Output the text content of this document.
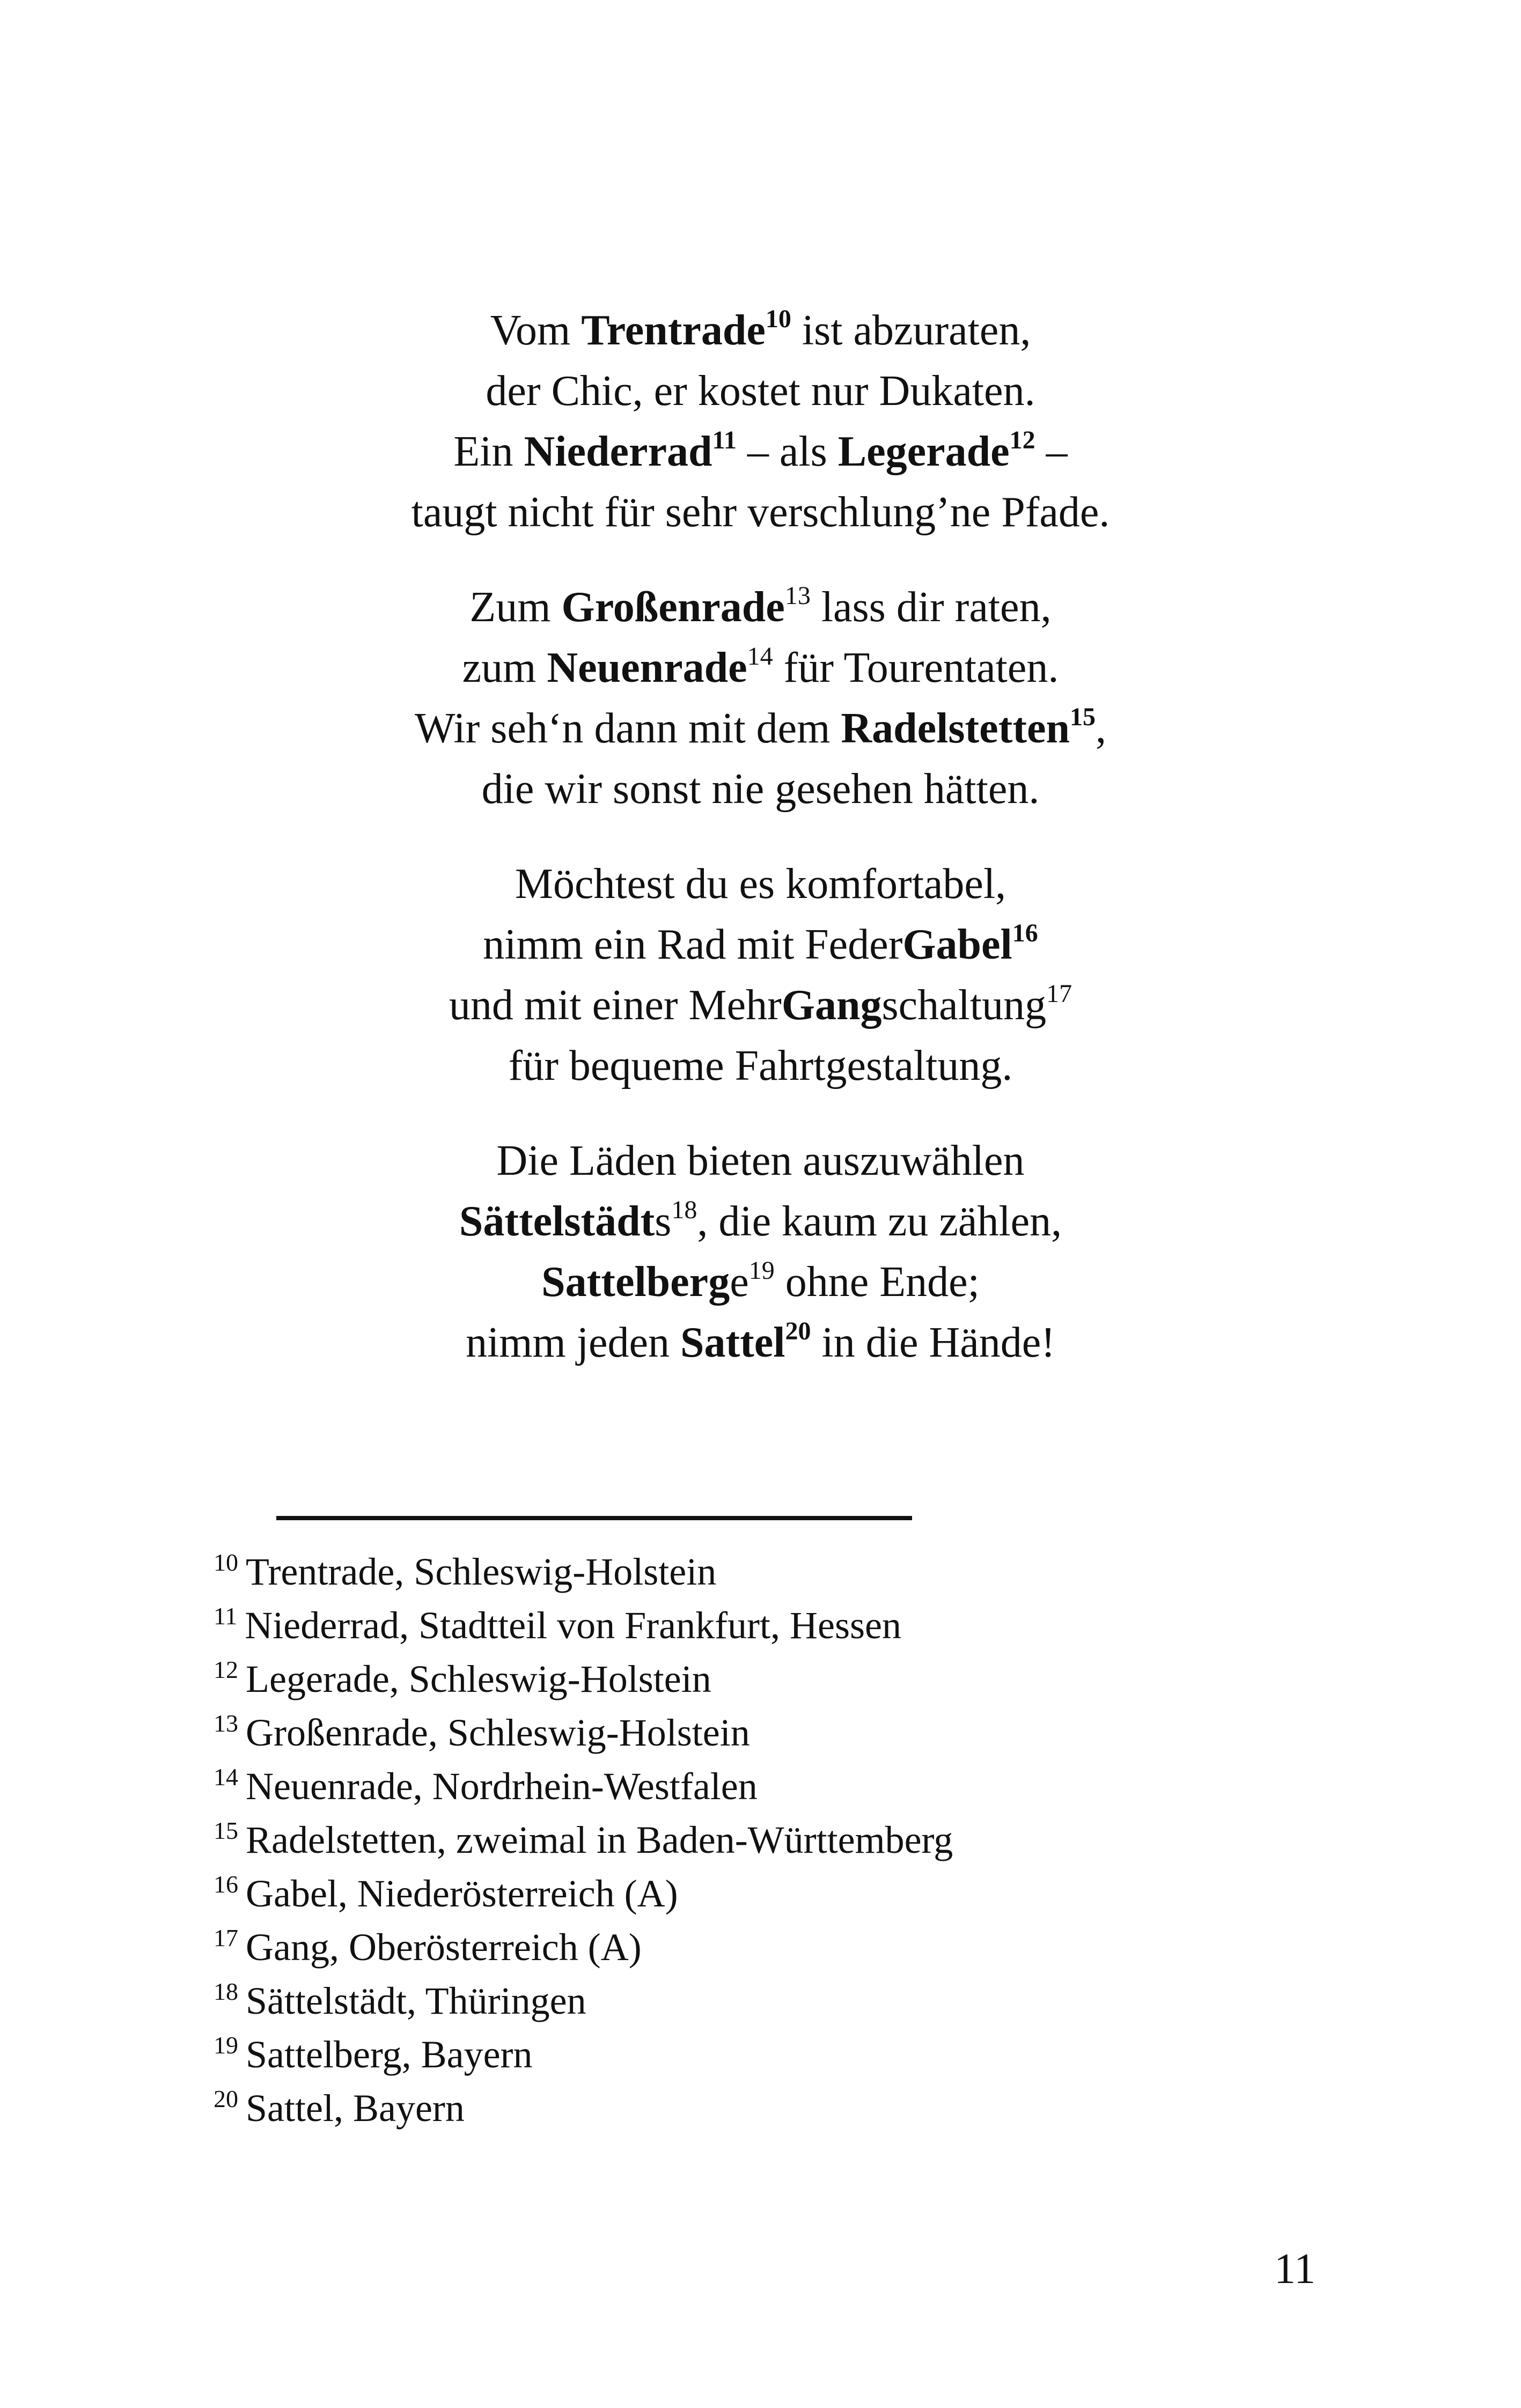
Vom Trentrade$^{10}$ ist abzuraten,
der Chic, er kostet nur Dukaten.
Ein Niederrad$^{11}$ – als Legerade$^{12}$ –
taugt nicht für sehr verschlung’ne Pfade.
Zum Großenrade$^{13}$ lass dir raten,
zum Neuenrade$^{14}$ für Tourentaten.
Wir seh‘n dann mit dem Radelstetten$^{15}$,
die wir sonst nie gesehen hätten.
Möchtest du es komfortabel,
nimm ein Rad mit FederGabel$^{16}$
und mit einer MehrGangschaltung$^{17}$
für bequeme Fahrtgestaltung.
Die Läden bieten auszuwählen
Sättelstädts$^{18}$, die kaum zu zählen,
Sattelberge$^{19}$ ohne Ende;
nimm jeden Sattel$^{20}$ in die Hände!
$^{10}$ Trentrade, Schleswig-Holstein
$^{11}$ Niederrad, Stadtteil von Frankfurt, Hessen
$^{12}$ Legerade, Schleswig-Holstein
$^{13}$ Großenrade, Schleswig-Holstein
$^{14}$ Neuenrade, Nordrhein-Westfalen
$^{15}$ Radelstetten, zweimal in Baden-Württemberg
$^{16}$ Gabel, Niederösterreich (A)
$^{17}$ Gang, Oberösterreich (A)
$^{18}$ Sättelstädt, Thüringen
$^{19}$ Sattelberg, Bayern
$^{20}$ Sattel, Bayern
11
